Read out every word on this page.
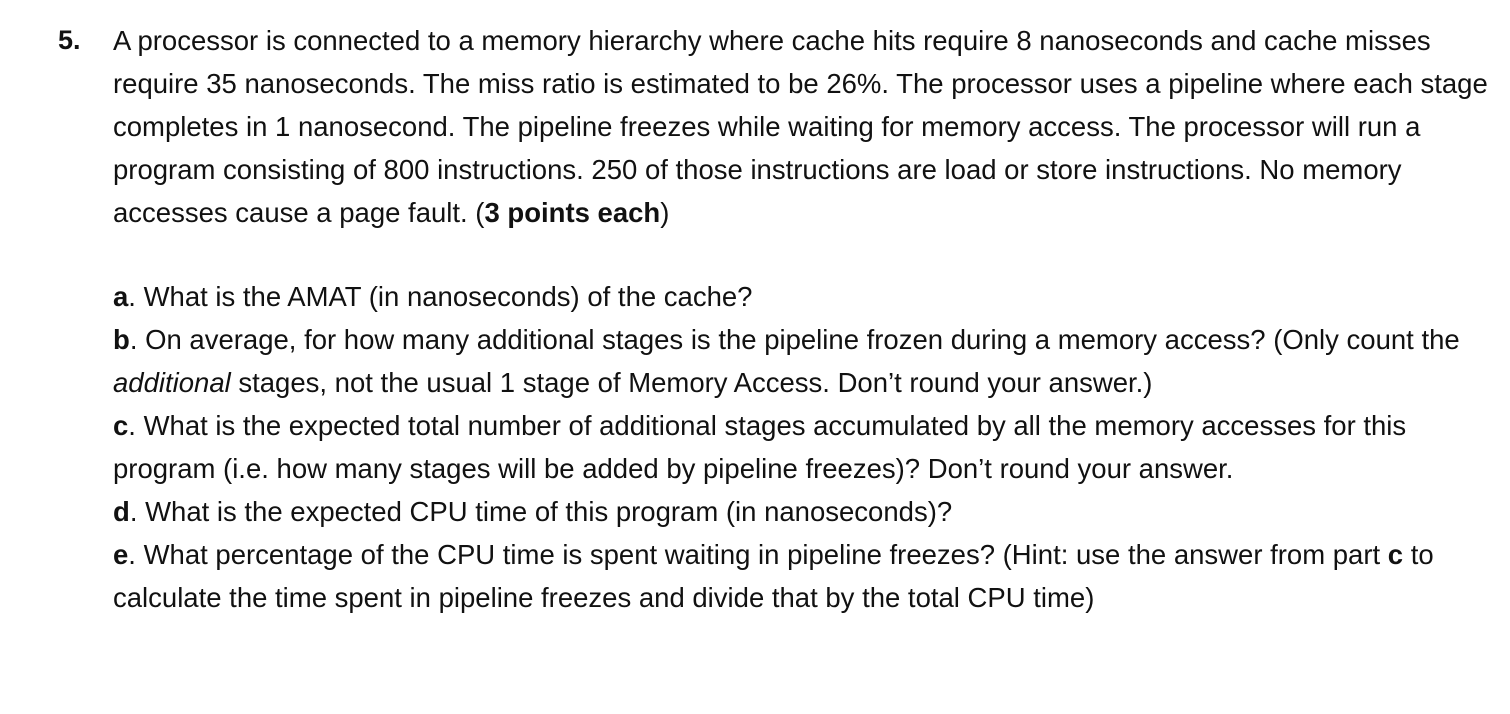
5. A processor is connected to a memory hierarchy where cache hits require 8 nanoseconds and cache misses require 35 nanoseconds. The miss ratio is estimated to be 26%. The processor uses a pipeline where each stage completes in 1 nanosecond. The pipeline freezes while waiting for memory access. The processor will run a program consisting of 800 instructions. 250 of those instructions are load or store instructions. No memory accesses cause a page fault. (3 points each)

a. What is the AMAT (in nanoseconds) of the cache?

b. On average, for how many additional stages is the pipeline frozen during a memory access? (Only count the additional stages, not the usual 1 stage of Memory Access. Don’t round your answer.)

c. What is the expected total number of additional stages accumulated by all the memory accesses for this program (i.e. how many stages will be added by pipeline freezes)? Don’t round your answer.

d. What is the expected CPU time of this program (in nanoseconds)?

e. What percentage of the CPU time is spent waiting in pipeline freezes? (Hint: use the answer from part c to calculate the time spent in pipeline freezes and divide that by the total CPU time)
